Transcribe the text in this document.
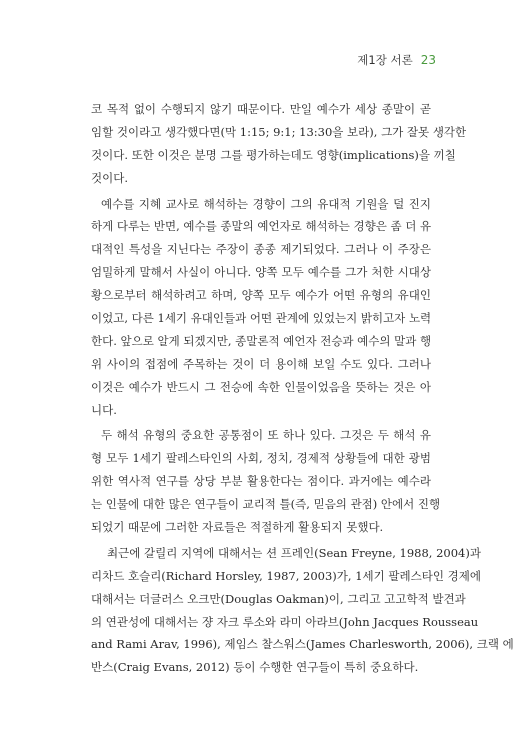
제1장 서론 23
코 목적 없이 수행되지 않기 때문이다. 만일 예수가 세상 종말이 곧
임할 것이라고 생각했다면(막 1:15; 9:1; 13:30을 보라), 그가 잘못 생각한
것이다. 또한 이것은 분명 그를 평가하는데도 영향(implications)을 끼칠
것이다.
예수를 지혜 교사로 해석하는 경향이 그의 유대적 기원을 덜 진지
하게 다루는 반면, 예수를 종말의 예언자로 해석하는 경향은 좀 더 유
대적인 특성을 지닌다는 주장이 종종 제기되었다. 그러나 이 주장은
엄밀하게 말해서 사실이 아니다. 양쪽 모두 예수를 그가 처한 시대상
황으로부터 해석하려고 하며, 양쪽 모두 예수가 어떤 유형의 유대인
이었고, 다른 1세기 유대인들과 어떤 관계에 있었는지 밝히고자 노력
한다. 앞으로 알게 되겠지만, 종말론적 예언자 전승과 예수의 말과 행
위 사이의 접점에 주목하는 것이 더 용이해 보일 수도 있다. 그러나
이것은 예수가 반드시 그 전승에 속한 인물이었음을 뜻하는 것은 아
니다.
두 해석 유형의 중요한 공통점이 또 하나 있다. 그것은 두 해석 유
형 모두 1세기 팔레스타인의 사회, 정치, 경제적 상황들에 대한 광범
위한 역사적 연구를 상당 부분 활용한다는 점이다. 과거에는 예수라
는 인물에 대한 많은 연구들이 교리적 틀(즉, 믿음의 관점) 안에서 진행
되었기 때문에 그러한 자료들은 적절하게 활용되지 못했다.
최근에 갈릴리 지역에 대해서는 션 프레인(Sean Freyne, 1988, 2004)과
리차드 호슬리(Richard Horsley, 1987, 2003)가, 1세기 팔레스타인 경제에
대해서는 더글러스 오크만(Douglas Oakman)이, 그리고 고고학적 발견과
의 연관성에 대해서는 쟝 자크 루소와 라미 아라브(John Jacques Rousseau
and Rami Arav, 1996), 제임스 찰스워스(James Charlesworth, 2006), 크랙 에
반스(Craig Evans, 2012) 등이 수행한 연구들이 특히 중요하다.
